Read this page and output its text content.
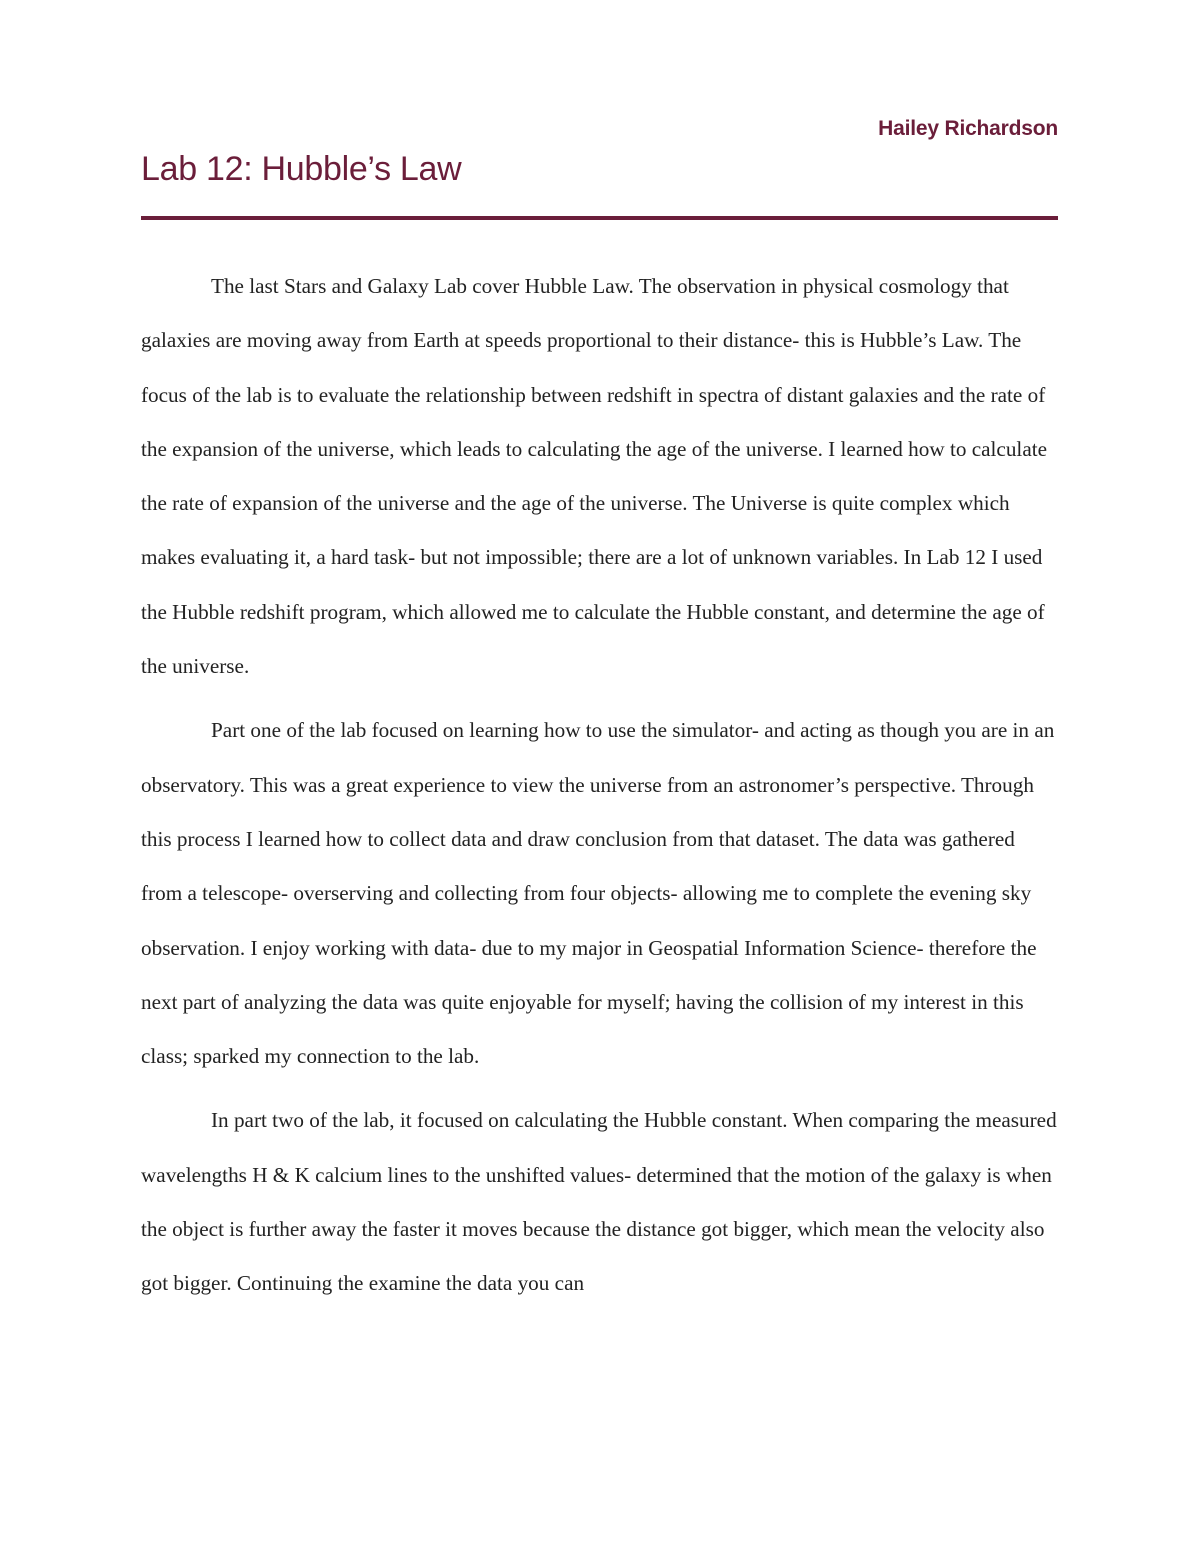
Hailey Richardson
Lab 12: Hubble’s Law

The last Stars and Galaxy Lab cover Hubble Law. The observation in physical cosmology that galaxies are moving away from Earth at speeds proportional to their distance- this is Hubble’s Law. The focus of the lab is to evaluate the relationship between redshift in spectra of distant galaxies and the rate of the expansion of the universe, which leads to calculating the age of the universe. I learned how to calculate the rate of expansion of the universe and the age of the universe. The Universe is quite complex which makes evaluating it, a hard task- but not impossible; there are a lot of unknown variables. In Lab 12 I used the Hubble redshift program, which allowed me to calculate the Hubble constant, and determine the age of the universe.

Part one of the lab focused on learning how to use the simulator- and acting as though you are in an observatory. This was a great experience to view the universe from an astronomer’s perspective. Through this process I learned how to collect data and draw conclusion from that dataset. The data was gathered from a telescope- overserving and collecting from four objects- allowing me to complete the evening sky observation. I enjoy working with data- due to my major in Geospatial Information Science- therefore the next part of analyzing the data was quite enjoyable for myself; having the collision of my interest in this class; sparked my connection to the lab.

In part two of the lab, it focused on calculating the Hubble constant. When comparing the measured wavelengths H & K calcium lines to the unshifted values- determined that the motion of the galaxy is when the object is further away the faster it moves because the distance got bigger, which mean the velocity also got bigger. Continuing the examine the data you can
